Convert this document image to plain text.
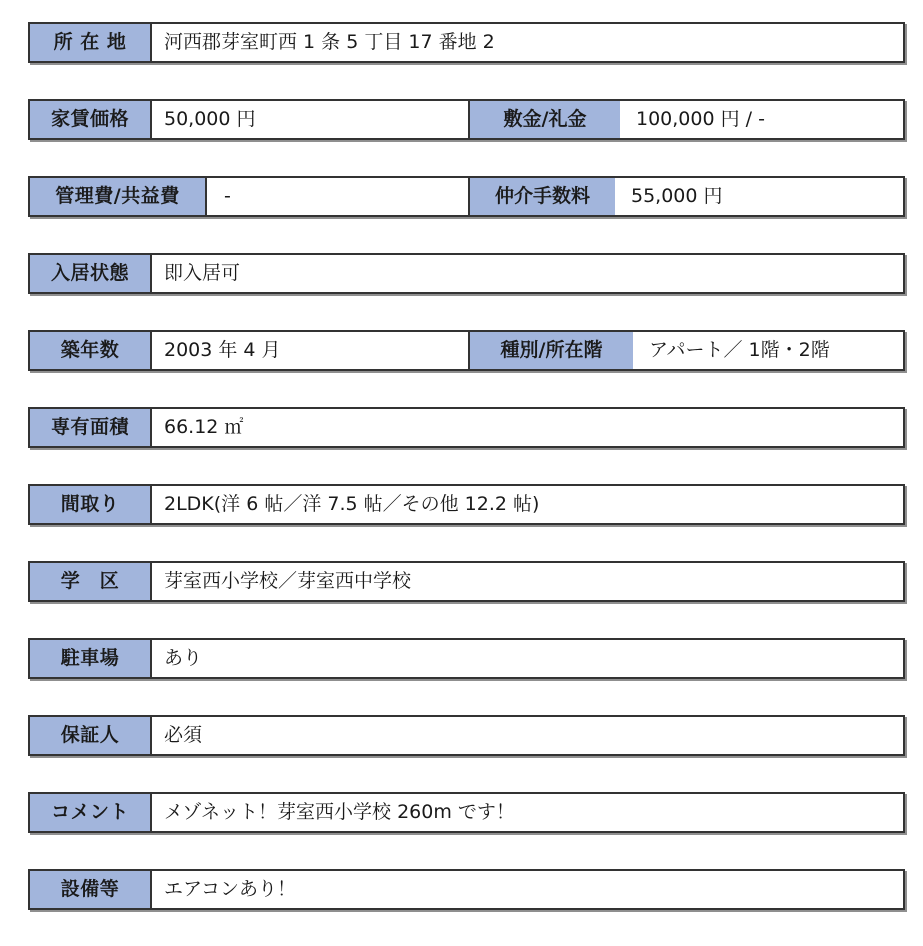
所 在 地	河西郡芽室町西 1 条 5 丁目 17 番地 2
家賃価格	50,000 円	敷金/礼金	100,000 円 / -
管理費/共益費	-	仲介手数料	55,000 円
入居状態	即入居可
築年数	2003 年 4 月	種別/所在階	アパート／ 1階・2階
専有面積	66.12 ㎡
間取り	2LDK(洋 6 帖／洋 7.5 帖／その他 12.2 帖)
学　区	芽室西小学校／芽室西中学校
駐車場	あり
保証人	必須
コメント	メゾネット！芽室西小学校 260m です！
設備等	エアコンあり！
